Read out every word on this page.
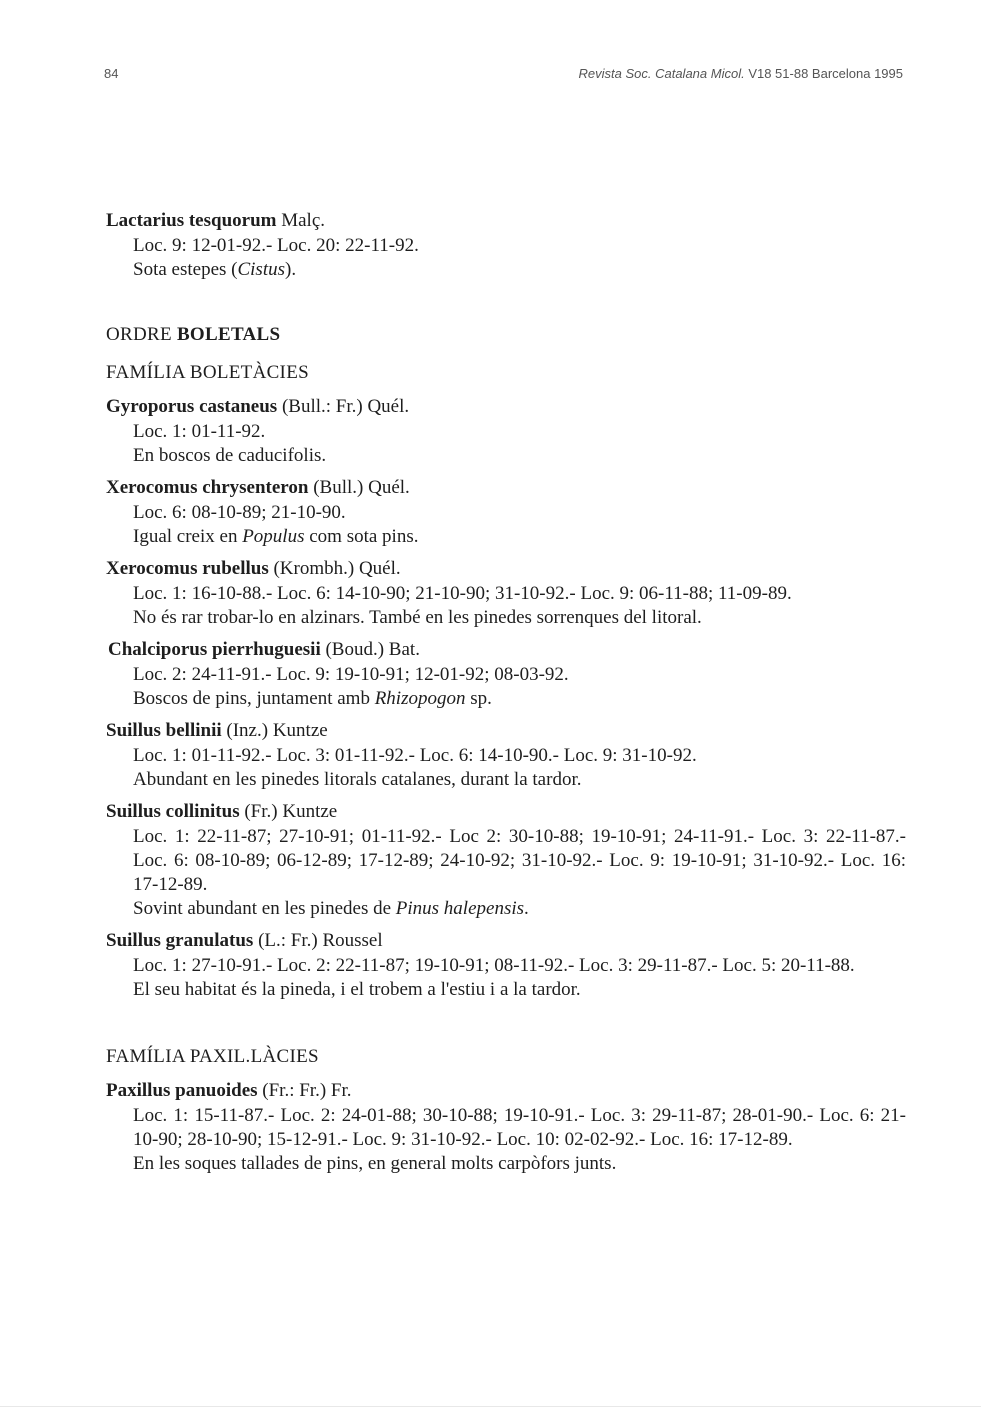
84	Revista Soc. Catalana Micol. V18 51-88 Barcelona 1995
Lactarius tesquorum Malç.
Loc. 9: 12-01-92.- Loc. 20: 22-11-92.
Sota estepes (Cistus).
ORDRE BOLETALS
FAMÍLIA BOLETÀCIES
Gyroporus castaneus (Bull.: Fr.) Quél.
Loc. 1: 01-11-92.
En boscos de caducifolis.
Xerocomus chrysenteron (Bull.) Quél.
Loc. 6: 08-10-89; 21-10-90.
Igual creix en Populus com sota pins.
Xerocomus rubellus (Krombh.) Quél.
Loc. 1: 16-10-88.- Loc. 6: 14-10-90; 21-10-90; 31-10-92.- Loc. 9: 06-11-88; 11-09-89.
No és rar trobar-lo en alzinars. També en les pinedes sorrenques del litoral.
Chalciporus pierrhuguesii (Boud.) Bat.
Loc. 2: 24-11-91.- Loc. 9: 19-10-91; 12-01-92; 08-03-92.
Boscos de pins, juntament amb Rhizopogon sp.
Suillus bellinii (Inz.) Kuntze
Loc. 1: 01-11-92.- Loc. 3: 01-11-92.- Loc. 6: 14-10-90.- Loc. 9: 31-10-92.
Abundant en les pinedes litorals catalanes, durant la tardor.
Suillus collinitus (Fr.) Kuntze
Loc. 1: 22-11-87; 27-10-91; 01-11-92.- Loc 2: 30-10-88; 19-10-91; 24-11-91.- Loc. 3: 22-11-87.- Loc. 6: 08-10-89; 06-12-89; 17-12-89; 24-10-92; 31-10-92.- Loc. 9: 19-10-91; 31-10-92.- Loc. 16: 17-12-89.
Sovint abundant en les pinedes de Pinus halepensis.
Suillus granulatus (L.: Fr.) Roussel
Loc. 1: 27-10-91.- Loc. 2: 22-11-87; 19-10-91; 08-11-92.- Loc. 3: 29-11-87.- Loc. 5: 20-11-88.
El seu habitat és la pineda, i el trobem a l'estiu i a la tardor.
FAMÍLIA PAXIL.LÀCIES
Paxillus panuoides (Fr.: Fr.) Fr.
Loc. 1: 15-11-87.- Loc. 2: 24-01-88; 30-10-88; 19-10-91.- Loc. 3: 29-11-87; 28-01-90.- Loc. 6: 21-10-90; 28-10-90; 15-12-91.- Loc. 9: 31-10-92.- Loc. 10: 02-02-92.- Loc. 16: 17-12-89.
En les soques tallades de pins, en general molts carpòfors junts.
